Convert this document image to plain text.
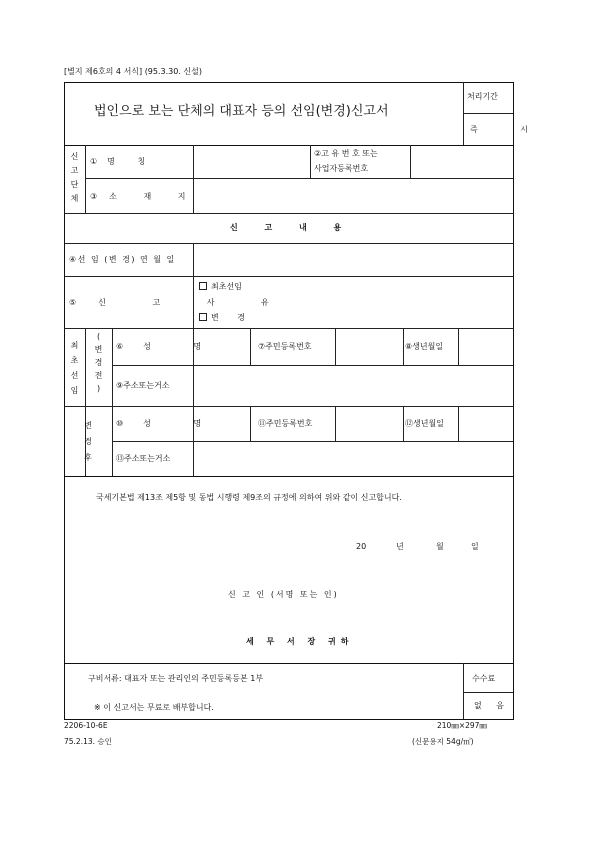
[별지 제6호의 4 서식] (95.3.30. 신설)
법인으로 보는 단체의 대표자 등의 선임(변경)신고서
처리기간
즉 시
신
고
단
체
①명 칭
②고 유 번 호 또는
사업자등록번호
③소 재 지
신 고 내 용
④선 임 (변 경) 연 월 일
⑤신 고 사 유
최초선임
변 경
최
초
선
임
(
변
경
전
)
⑥성 명	⑦주민등록번호	⑧생년월일
⑨주소또는거소
변
경
후
⑩성 명	⑪주민등록번호	⑫생년월일
⑬주소또는거소
국세기본법 제13조 제5항 및 동법 시행령 제9조의 규정에 의하여 위와 같이 신고합니다.
20	년	월	일
신 고 인 (서명 또는 인)
세 무 서 장 귀하
구비서류: 대표자 또는 관리인의 주민등록등본 1부
※ 이 신고서는 무료로 배부합니다.
수수료
없 음
2206-10-6E	210㎜×297㎜
75.2.13. 승인	(신문용지 54g/㎡)
